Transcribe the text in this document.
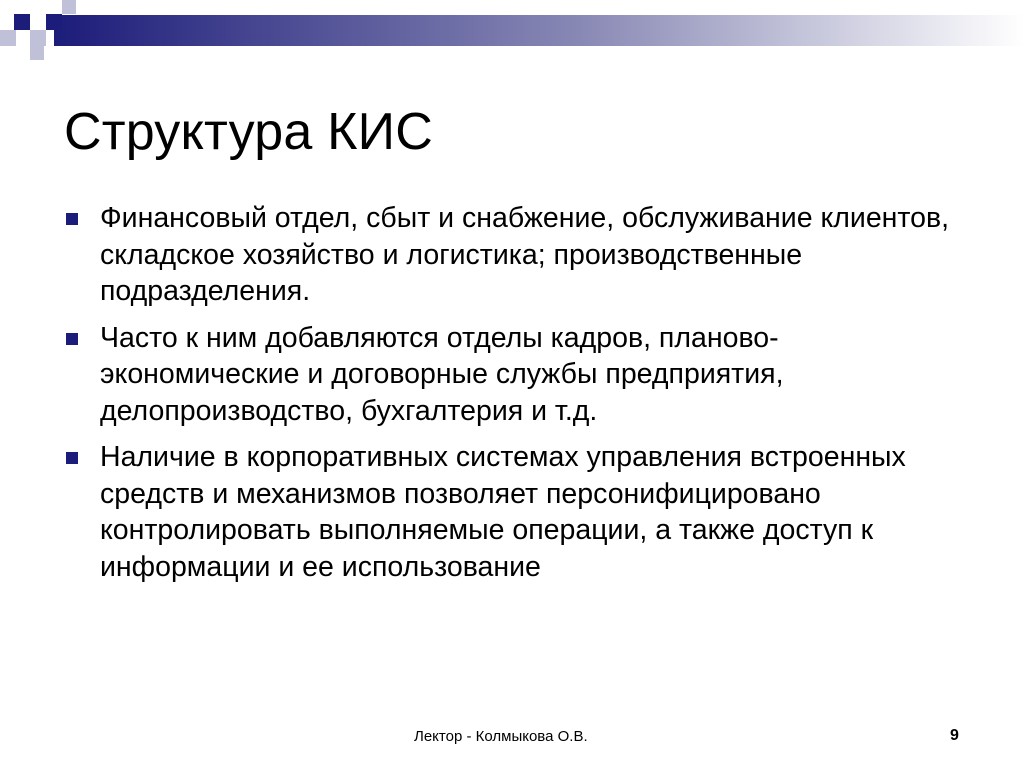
Структура КИС
Финансовый отдел, сбыт и снабжение, обслуживание клиентов, складское хозяйство и логистика; производственные подразделения.
Часто к ним добавляются отделы кадров, планово-экономические и договорные службы предприятия, делопроизводство, бухгалтерия и т.д.
Наличие в корпоративных системах управления встроенных средств и механизмов позволяет персонифицировано контролировать выполняемые операции, а также доступ к информации и ее использование
Лектор - Колмыкова О.В.	9
